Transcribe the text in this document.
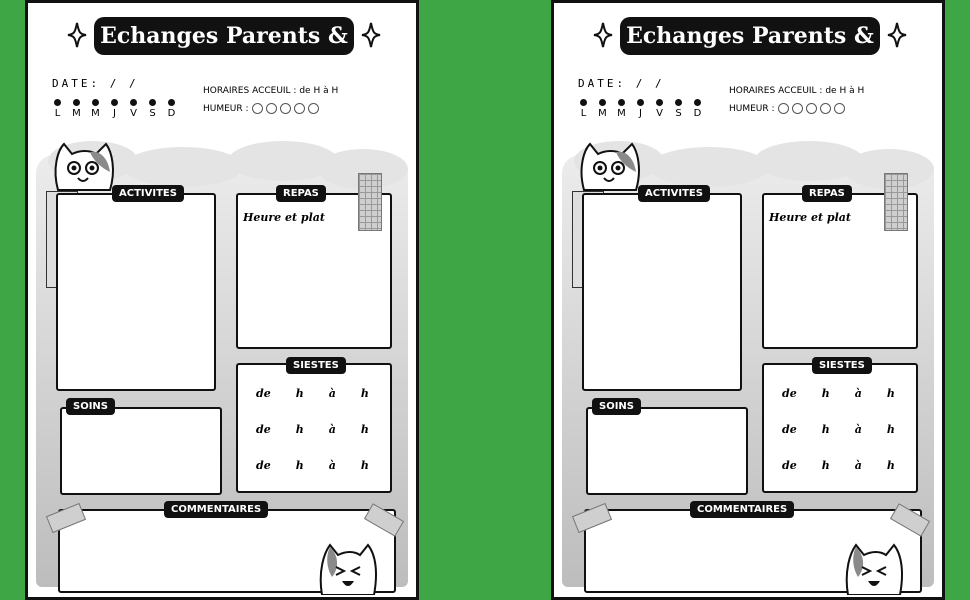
Echanges Parents & Nounou
DATE: / /
L M M J V S D
HORAIRES ACCEUIL : de H à H
HUMEUR :
ACTIVITES	REPAS
Heure et plat
SIESTES
de h à h
de h à h
de h à h
SOINS
COMMENTAIRES
Echanges Parents & Nounou
DATE: / /
L M M J V S D
HORAIRES ACCEUIL : de H à H
HUMEUR :
ACTIVITES	REPAS
Heure et plat
SIESTES
de h à h
de h à h
de h à h
SOINS
COMMENTAIRES
